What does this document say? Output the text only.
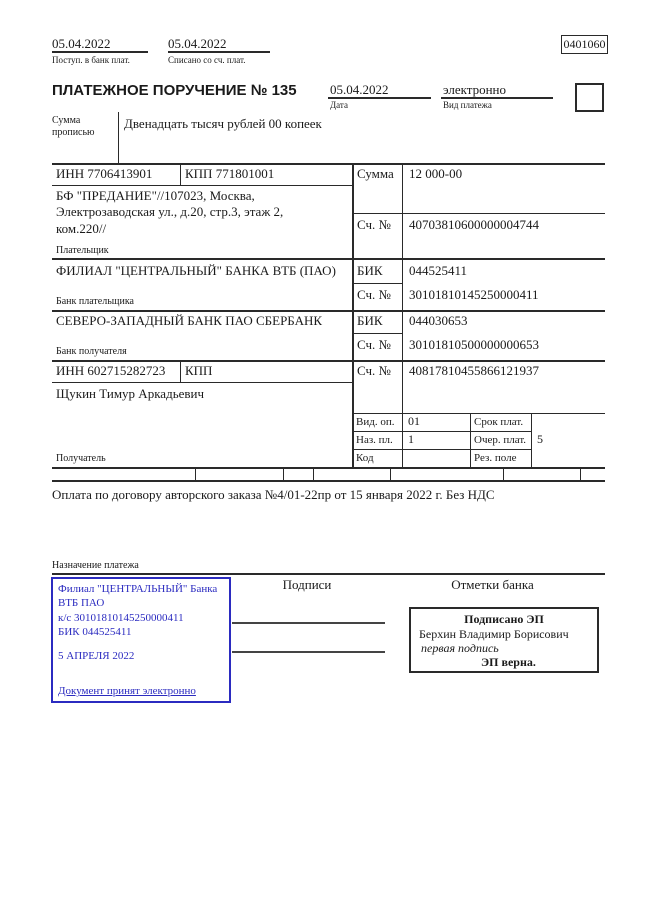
05.04.2022
Поступ. в банк плат.
05.04.2022
Списано со сч. плат.
0401060
ПЛАТЕЖНОЕ ПОРУЧЕНИЕ № 135	05.04.2022
Дата
электронно
Вид платежа
Сумма прописью
Двенадцать тысяч рублей 00 копеек
ИНН 7706413901	КПП 771801001
БФ "ПРЕДАНИЕ"//107023, Москва, Электрозаводская ул., д.20, стр.3, этаж 2, ком.220//
Плательщик
ФИЛИАЛ "ЦЕНТРАЛЬНЫЙ" БАНКА ВТБ (ПАО)
Банк плательщика
СЕВЕРО-ЗАПАДНЫЙ БАНК ПАО СБЕРБАНК
Банк получателя
ИНН 602715282723 КПП
Щукин Тимур Аркадьевич
Получатель
Сумма 12 000-00
Сч. № 40703810600000004744
БИК 044525411
Сч. № 30101810145250000411
БИК 044030653
Сч. № 30101810500000000653
Сч. № 40817810455866121937
Вид. оп. 01	Срок плат.
Наз. пл. 1	Очер. плат. 5
Код	Рез. поле
Оплата по договору авторского заказа №4/01-22пр от 15 января 2022 г. Без НДС
Назначение платежа
Подписи	Отметки банка
Филиал "ЦЕНТРАЛЬНЫЙ" Банка ВТБ ПАО
к/с 30101810145250000411
БИК 044525411
5 АПРЕЛЯ 2022
Документ принят электронно
Подписано ЭП
Берхин Владимир Борисович
первая подпись
ЭП верна.
